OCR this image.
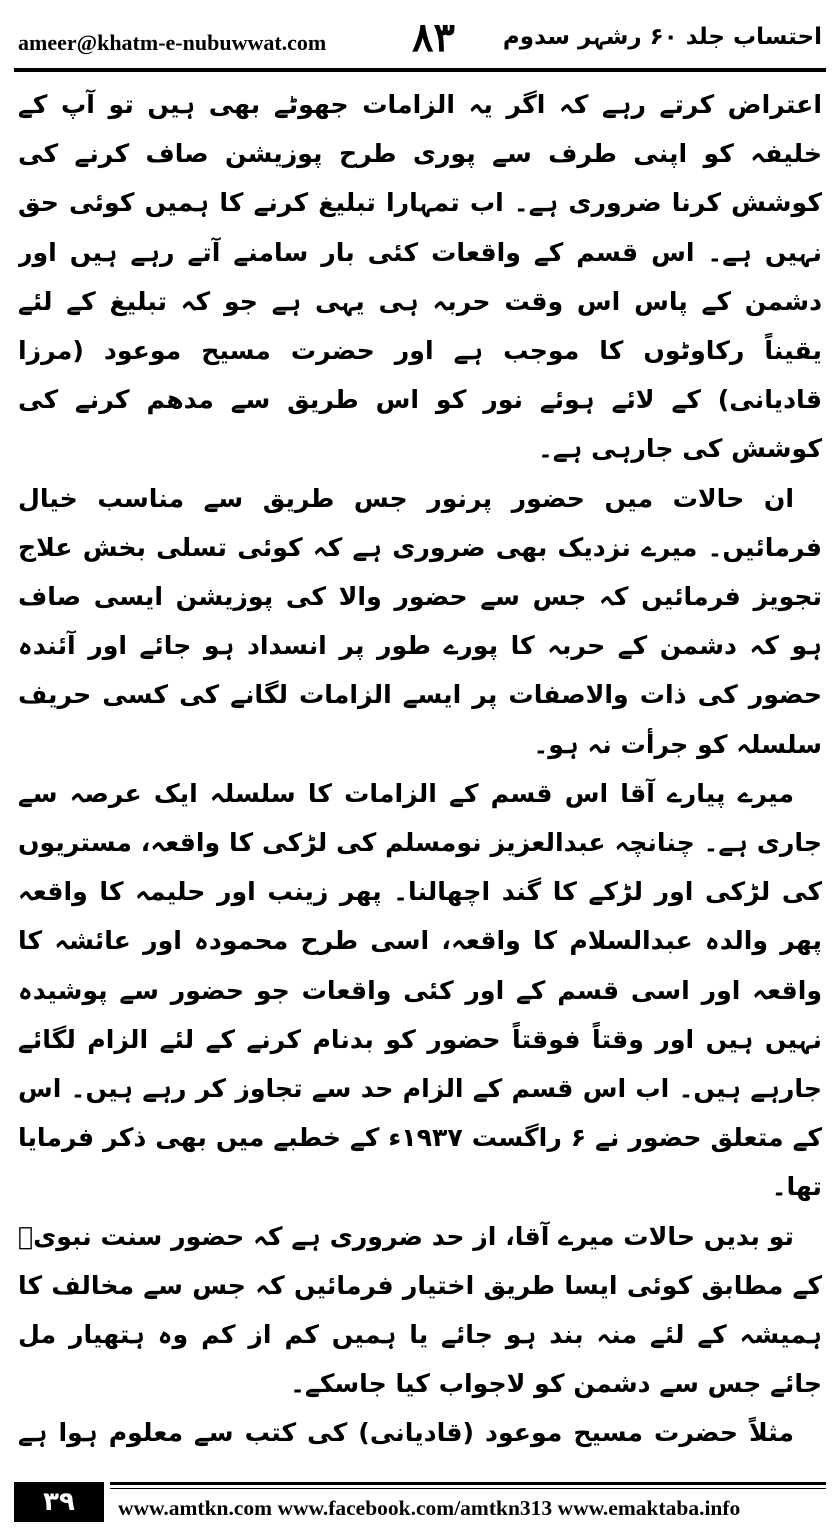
ameer@khatm-e-nubuwwat.com ۸۳ احتساب جلد ۶۰ رشہر سدوم

اعتراض کرتے رہے کہ اگر یہ الزامات جھوٹے بھی ہیں تو آپ کے خلیفہ کو اپنی طرف سے پوری طرح پوزیشن صاف کرنے کی کوشش کرنا ضروری ہے۔ اب تمہارا تبلیغ کرنے کا ہمیں کوئی حق نہیں ہے۔ اس قسم کے واقعات کئی بار سامنے آتے رہے ہیں اور دشمن کے پاس اس وقت حربہ ہی یہی ہے جو کہ تبلیغ کے لئے یقیناً رکاوٹوں کا موجب ہے اور حضرت مسیح موعود (مرزا قادیانی) کے لائے ہوئے نور کو اس طریق سے مدھم کرنے کی کوشش کی جارہی ہے۔

ان حالات میں حضور پرنور جس طریق سے مناسب خیال فرمائیں۔ میرے نزدیک بھی ضروری ہے کہ کوئی تسلی بخش علاج تجویز فرمائیں کہ جس سے حضور والا کی پوزیشن ایسی صاف ہو کہ دشمن کے حربہ کا پورے طور پر انسداد ہو جائے اور آئندہ حضور کی ذات والاصفات پر ایسے الزامات لگانے کی کسی حریف سلسلہ کو جرأت نہ ہو۔

میرے پیارے آقا اس قسم کے الزامات کا سلسلہ ایک عرصہ سے جاری ہے۔ چنانچہ عبدالعزیز نومسلم کی لڑکی کا واقعہ، مستریوں کی لڑکی اور لڑکے کا گند اچھالنا۔ پھر زینب اور حلیمہ کا واقعہ پھر والدہ عبدالسلام کا واقعہ، اسی طرح محمودہ اور عائشہ کا واقعہ اور اسی قسم کے اور کئی واقعات جو حضور سے پوشیدہ نہیں ہیں اور وقتاً فوقتاً حضور کو بدنام کرنے کے لئے الزام لگائے جارہے ہیں۔ اب اس قسم کے الزام حد سے تجاوز کر رہے ہیں۔ اس کے متعلق حضور نے ۶ راگست ۱۹۳۷ء کے خطبے میں بھی ذکر فرمایا تھا۔

تو بدیں حالات میرے آقا، از حد ضروری ہے کہ حضور سنت نبویؐ کے مطابق کوئی ایسا طریق اختیار فرمائیں کہ جس سے مخالف کا ہمیشہ کے لئے منہ بند ہو جائے یا ہمیں کم از کم وہ ہتھیار مل جائے جس سے دشمن کو لاجواب کیا جاسکے۔

مثلاً حضرت مسیح موعود (قادیانی) کی کتب سے معلوم ہوا ہے

۳۹	www.amtkn.com www.facebook.com/amtkn313 www.emaktaba.info
